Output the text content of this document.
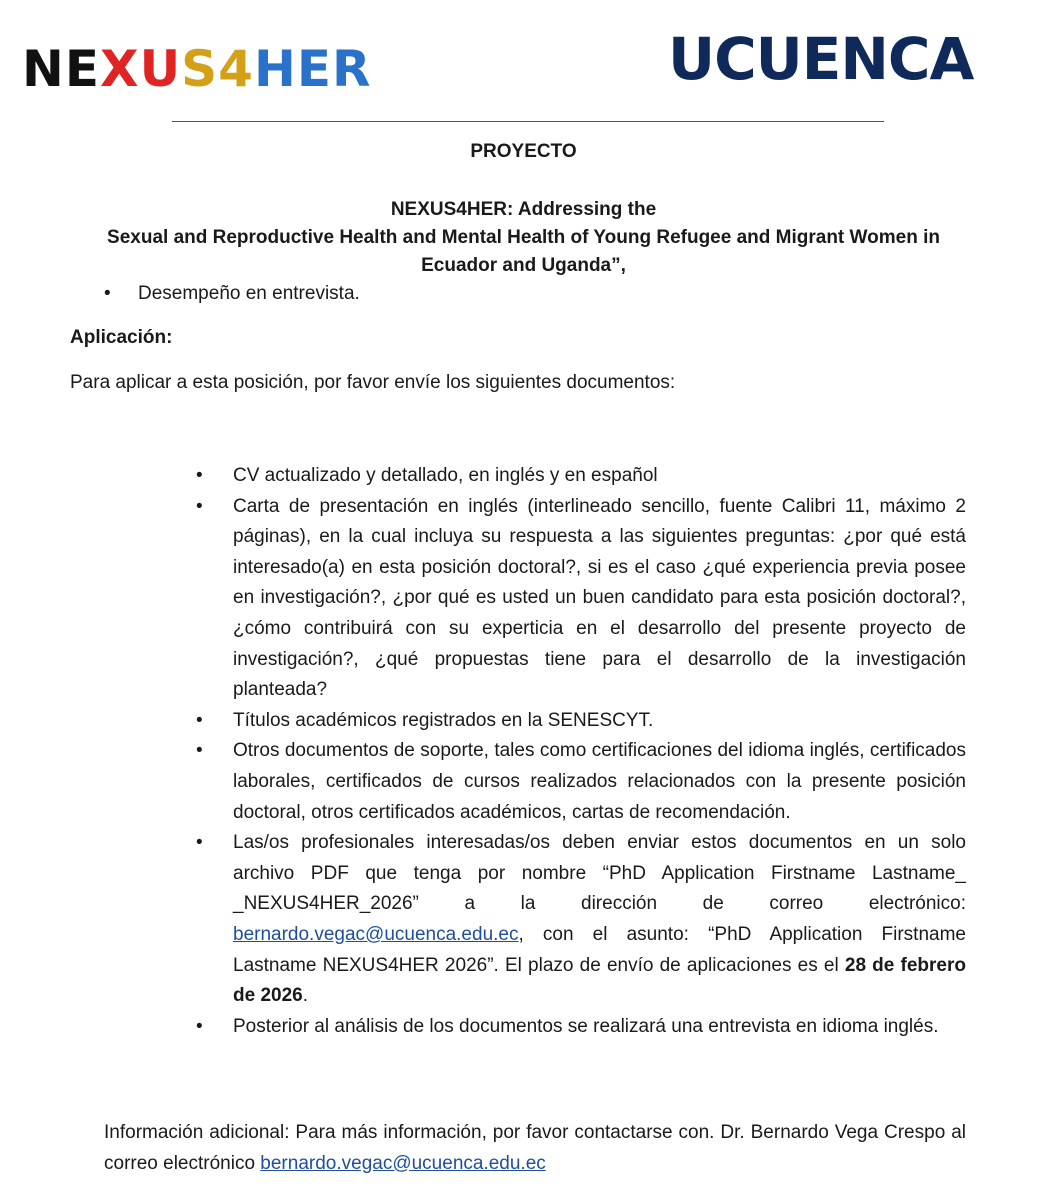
NEXUS4HER	UCUENCA
PROYECTO
NEXUS4HER: Addressing the
Sexual and Reproductive Health and Mental Health of Young Refugee and Migrant Women in
Ecuador and Uganda”,
• Desempeño en entrevista.
Aplicación:
Para aplicar a esta posición, por favor envíe los siguientes documentos:
• CV actualizado y detallado, en inglés y en español
• Carta de presentación en inglés (interlineado sencillo, fuente Calibri 11, máximo 2 páginas), en la cual incluya su respuesta a las siguientes preguntas: ¿por qué está interesado(a) en esta posición doctoral?, si es el caso ¿qué experiencia previa posee en investigación?, ¿por qué es usted un buen candidato para esta posición doctoral?, ¿cómo contribuirá con su experticia en el desarrollo del presente proyecto de investigación?, ¿qué propuestas tiene para el desarrollo de la investigación planteada?
• Títulos académicos registrados en la SENESCYT.
• Otros documentos de soporte, tales como certificaciones del idioma inglés, certificados laborales, certificados de cursos realizados relacionados con la presente posición doctoral, otros certificados académicos, cartas de recomendación.
• Las/os profesionales interesadas/os deben enviar estos documentos en un solo archivo PDF que tenga por nombre “PhD Application Firstname Lastname_ _NEXUS4HER_2026” a la dirección de correo electrónico: bernardo.vegac@ucuenca.edu.ec, con el asunto: “PhD Application Firstname Lastname NEXUS4HER 2026”. El plazo de envío de aplicaciones es el 28 de febrero de 2026.
• Posterior al análisis de los documentos se realizará una entrevista en idioma inglés.
Información adicional: Para más información, por favor contactarse con. Dr. Bernardo Vega Crespo al correo electrónico bernardo.vegac@ucuenca.edu.ec
